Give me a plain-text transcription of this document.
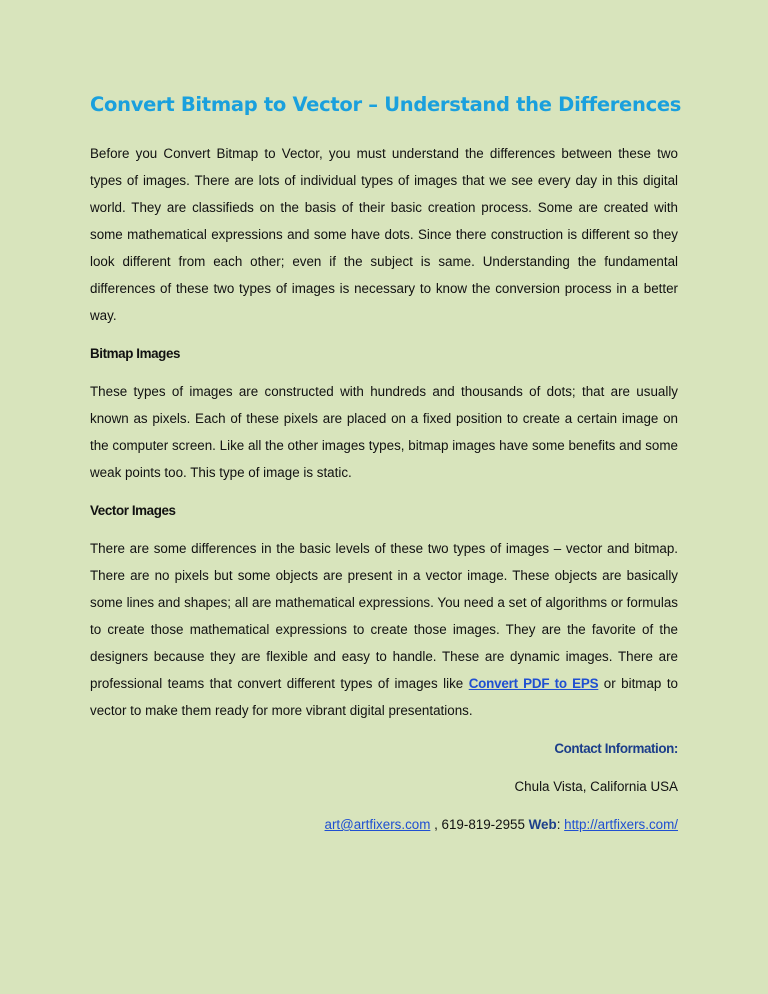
Convert Bitmap to Vector – Understand the Differences

Before you Convert Bitmap to Vector, you must understand the differences between these two types of images. There are lots of individual types of images that we see every day in this digital world. They are classifieds on the basis of their basic creation process. Some are created with some mathematical expressions and some have dots. Since there construction is different so they look different from each other; even if the subject is same. Understanding the fundamental differences of these two types of images is necessary to know the conversion process in a better way.

Bitmap Images

These types of images are constructed with hundreds and thousands of dots; that are usually known as pixels. Each of these pixels are placed on a fixed position to create a certain image on the computer screen. Like all the other images types, bitmap images have some benefits and some weak points too. This type of image is static.

Vector Images

There are some differences in the basic levels of these two types of images – vector and bitmap. There are no pixels but some objects are present in a vector image. These objects are basically some lines and shapes; all are mathematical expressions. You need a set of algorithms or formulas to create those mathematical expressions to create those images. They are the favorite of the designers because they are flexible and easy to handle. These are dynamic images. There are professional teams that convert different types of images like Convert PDF to EPS or bitmap to vector to make them ready for more vibrant digital presentations.

Contact Information:
Chula Vista, California USA
art@artfixers.com , 619-819-2955 Web: http://artfixers.com/
